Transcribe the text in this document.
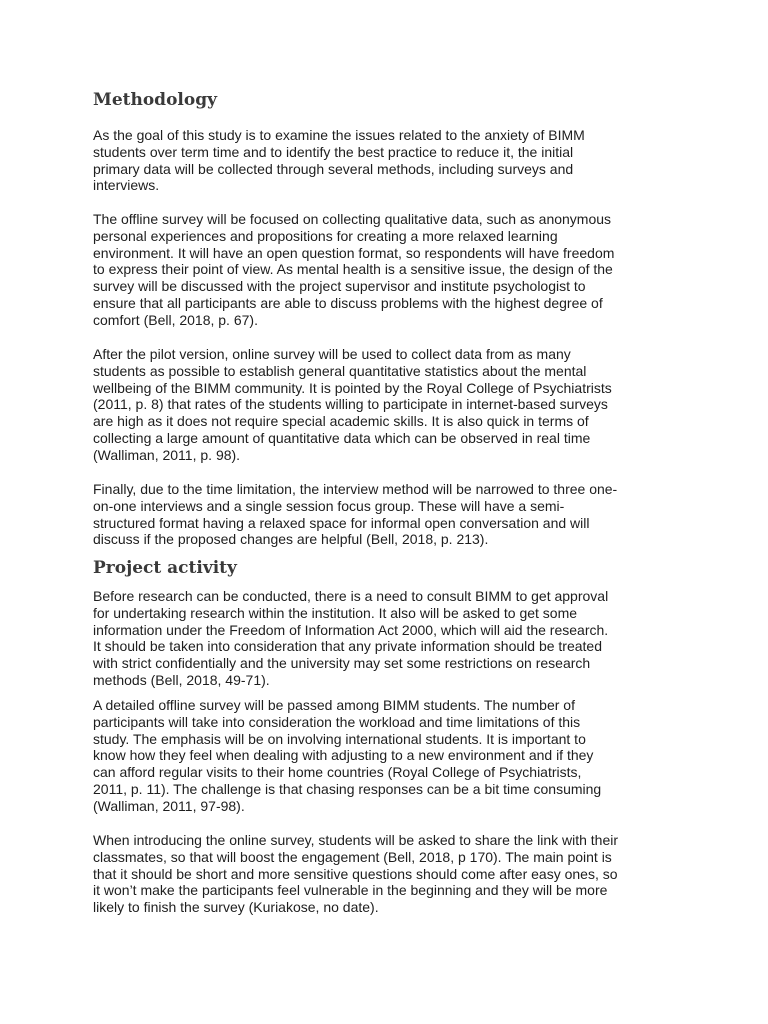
Methodology

As the goal of this study is to examine the issues related to the anxiety of BIMM
students over term time and to identify the best practice to reduce it, the initial
primary data will be collected through several methods, including surveys and
interviews.

The offline survey will be focused on collecting qualitative data, such as anonymous
personal experiences and propositions for creating a more relaxed learning
environment. It will have an open question format, so respondents will have freedom
to express their point of view. As mental health is a sensitive issue, the design of the
survey will be discussed with the project supervisor and institute psychologist to
ensure that all participants are able to discuss problems with the highest degree of
comfort (Bell, 2018, p. 67).

After the pilot version, online survey will be used to collect data from as many
students as possible to establish general quantitative statistics about the mental
wellbeing of the BIMM community. It is pointed by the Royal College of Psychiatrists
(2011, p. 8) that rates of the students willing to participate in internet-based surveys
are high as it does not require special academic skills. It is also quick in terms of
collecting a large amount of quantitative data which can be observed in real time
(Walliman, 2011, p. 98).

Finally, due to the time limitation, the interview method will be narrowed to three one-
on-one interviews and a single session focus group. These will have a semi-
structured format having a relaxed space for informal open conversation and will
discuss if the proposed changes are helpful (Bell, 2018, p. 213).

Project activity

Before research can be conducted, there is a need to consult BIMM to get approval
for undertaking research within the institution. It also will be asked to get some
information under the Freedom of Information Act 2000, which will aid the research.
It should be taken into consideration that any private information should be treated
with strict confidentially and the university may set some restrictions on research
methods (Bell, 2018, 49-71).

A detailed offline survey will be passed among BIMM students. The number of
participants will take into consideration the workload and time limitations of this
study. The emphasis will be on involving international students. It is important to
know how they feel when dealing with adjusting to a new environment and if they
can afford regular visits to their home countries (Royal College of Psychiatrists,
2011, p. 11). The challenge is that chasing responses can be a bit time consuming
(Walliman, 2011, 97-98).

When introducing the online survey, students will be asked to share the link with their
classmates, so that will boost the engagement (Bell, 2018, p 170). The main point is
that it should be short and more sensitive questions should come after easy ones, so
it won’t make the participants feel vulnerable in the beginning and they will be more
likely to finish the survey (Kuriakose, no date).
